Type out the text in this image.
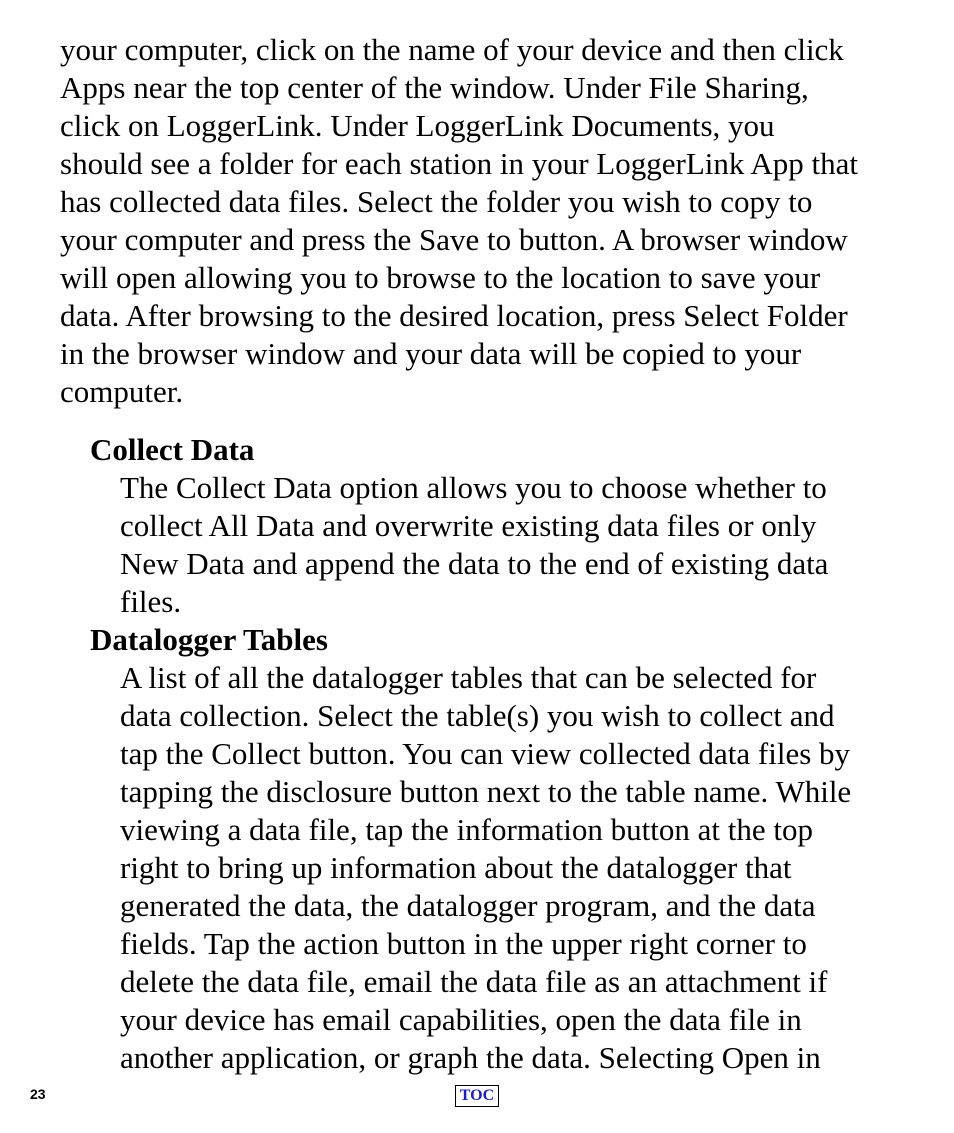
your computer, click on the name of your device and then click
Apps near the top center of the window. Under File Sharing,
click on LoggerLink. Under LoggerLink Documents, you
should see a folder for each station in your LoggerLink App that
has collected data files. Select the folder you wish to copy to
your computer and press the Save to button. A browser window
will open allowing you to browse to the location to save your
data. After browsing to the desired location, press Select Folder
in the browser window and your data will be copied to your
computer.
Collect Data
The Collect Data option allows you to choose whether to
collect All Data and overwrite existing data files or only
New Data and append the data to the end of existing data
files.
Datalogger Tables
A list of all the datalogger tables that can be selected for
data collection. Select the table(s) you wish to collect and
tap the Collect button. You can view collected data files by
tapping the disclosure button next to the table name. While
viewing a data file, tap the information button at the top
right to bring up information about the datalogger that
generated the data, the datalogger program, and the data
fields. Tap the action button in the upper right corner to
delete the data file, email the data file as an attachment if
your device has email capabilities, open the data file in
another application, or graph the data. Selecting Open in
23	TOC
